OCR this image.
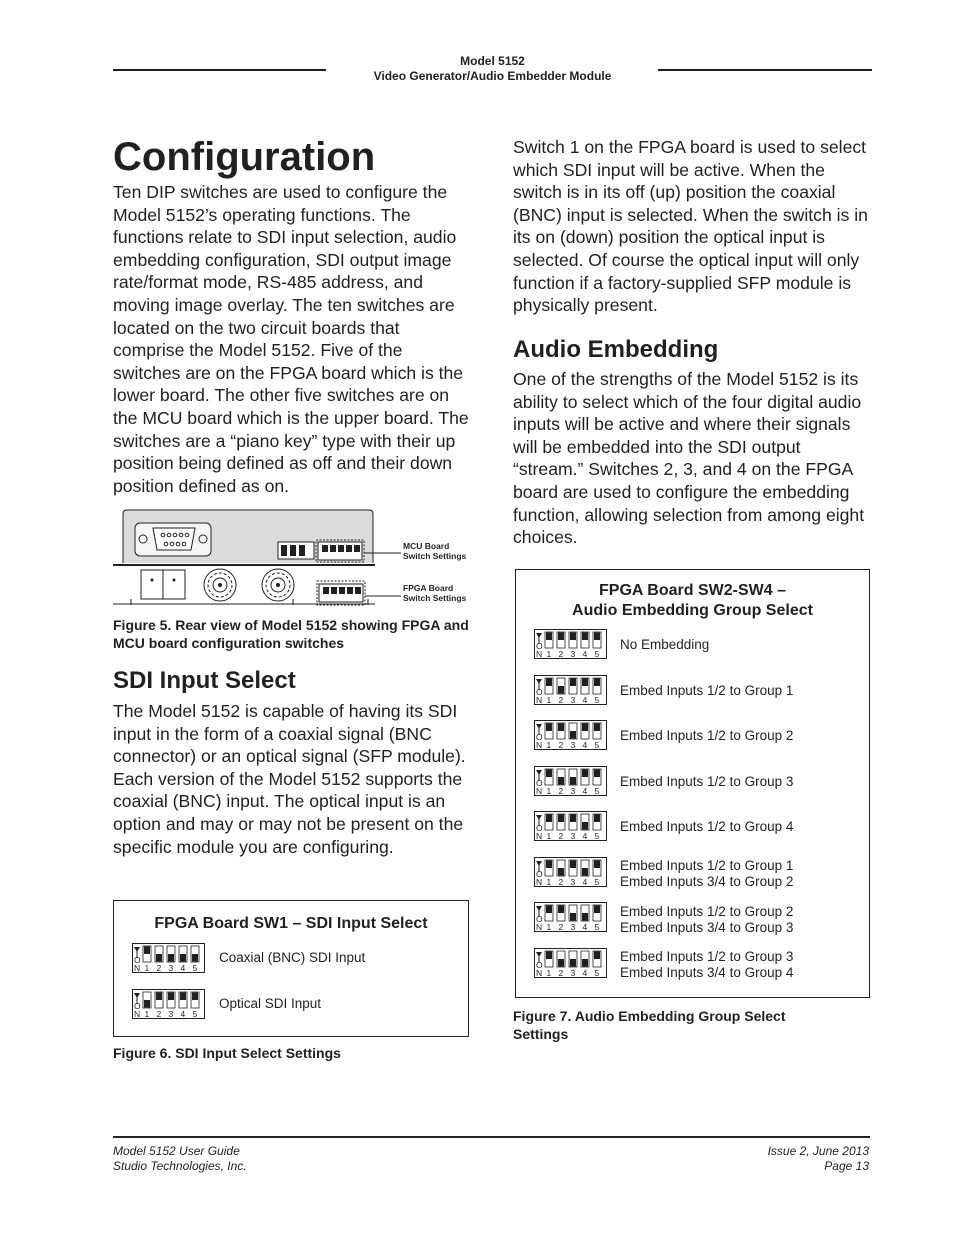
Model 5152
Video Generator/Audio Embedder Module
Configuration

Ten DIP switches are used to configure the Model 5152’s operating functions. The functions relate to SDI input selection, audio embedding configuration, SDI output image rate/format mode, RS-485 address, and moving image overlay. The ten switches are located on the two circuit boards that comprise the Model 5152. Five of the switches are on the FPGA board which is the lower board. The other five switches are on the MCU board which is the upper board. The switches are a “piano key” type with their up position being defined as off and their down position defined as on.

MCU Board
Switch Settings
FPGA Board
Switch Settings

Figure 5. Rear view of Model 5152 showing FPGA and MCU board configuration switches

SDI Input Select

The Model 5152 is capable of having its SDI input in the form of a coaxial signal (BNC connector) or an optical signal (SFP module). Each version of the Model 5152 supports the coaxial (BNC) input. The optical input is an option and may or may not be present on the specific module you are configuring.

FPGA Board SW1 – SDI Input Select
O
N 1 2 3 4 5
Coaxial (BNC) SDI Input
O
N 1 2 3 4 5
Optical SDI Input

Figure 6. SDI Input Select Settings

Switch 1 on the FPGA board is used to select which SDI input will be active. When the switch is in its off (up) position the coaxial (BNC) input is selected. When the switch is in its on (down) position the optical input is selected. Of course the optical input will only function if a factory-supplied SFP module is physically present.

Audio Embedding

One of the strengths of the Model 5152 is its ability to select which of the four digital audio inputs will be active and where their signals will be embedded into the SDI output “stream.” Switches 2, 3, and 4 on the FPGA board are used to configure the embedding function, allowing selection from among eight choices.

FPGA Board SW2-SW4 –
Audio Embedding Group Select
O
N 1 2 3 4 5
No Embedding
O
N 1 2 3 4 5
Embed Inputs 1/2 to Group 1
O
N 1 2 3 4 5
Embed Inputs 1/2 to Group 2
O
N 1 2 3 4 5
Embed Inputs 1/2 to Group 3
O
N 1 2 3 4 5
Embed Inputs 1/2 to Group 4
O
N 1 2 3 4 5
Embed Inputs 1/2 to Group 1
Embed Inputs 3/4 to Group 2
O
N 1 2 3 4 5
Embed Inputs 1/2 to Group 2
Embed Inputs 3/4 to Group 3
O
N 1 2 3 4 5
Embed Inputs 1/2 to Group 3
Embed Inputs 3/4 to Group 4

Figure 7. Audio Embedding Group Select Settings

Model 5152 User Guide
Studio Technologies, Inc.
Issue 2, June 2013
Page 13
